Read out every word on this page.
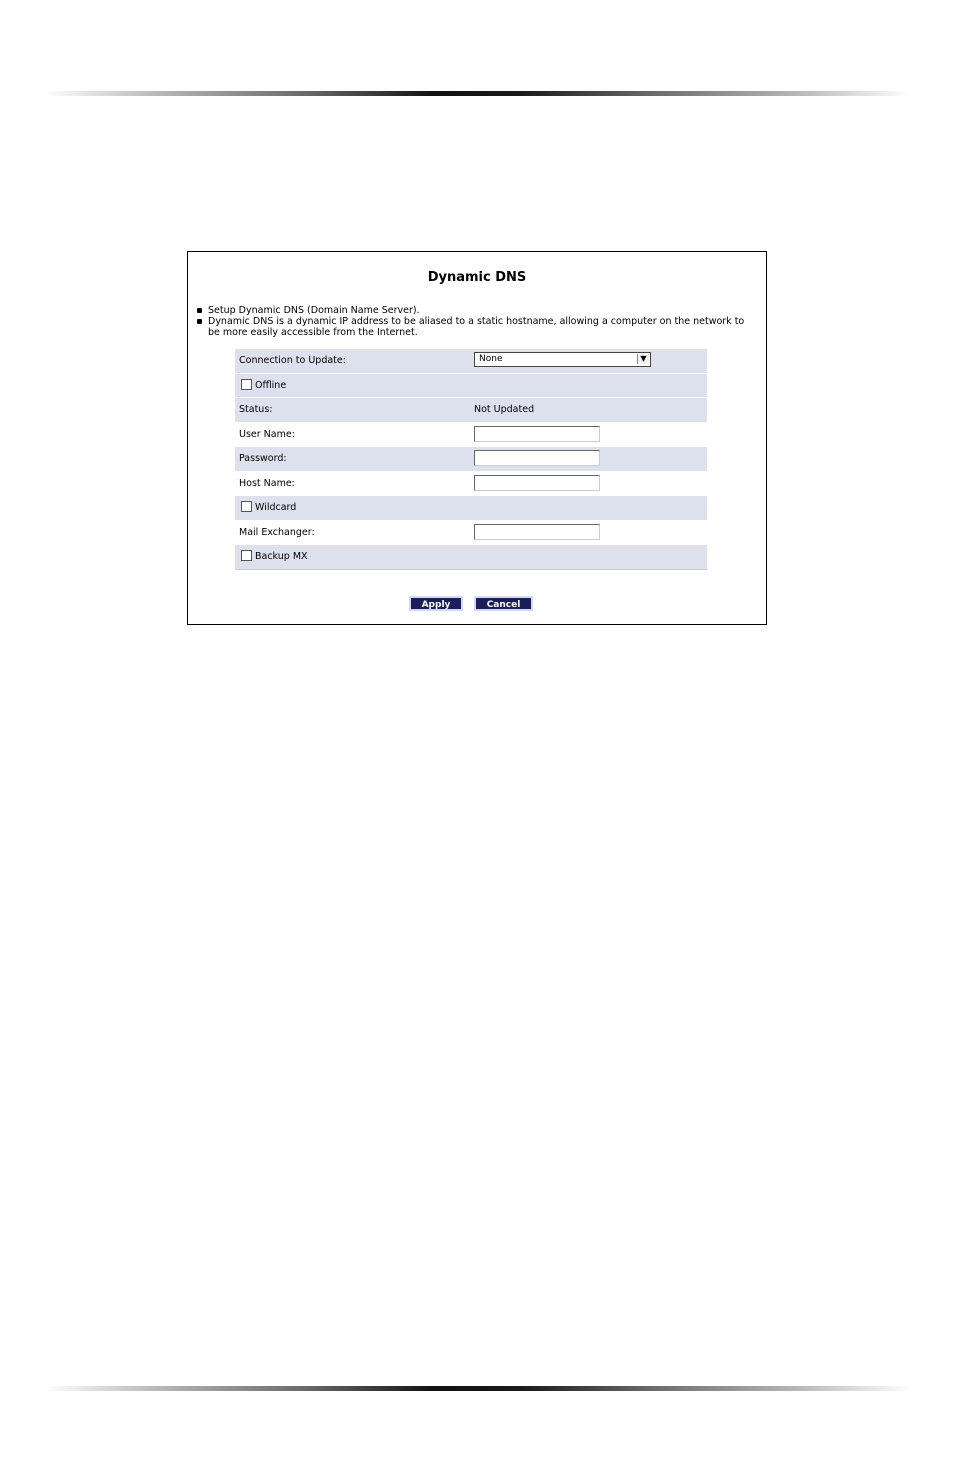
Dynamic DNS
Setup Dynamic DNS (Domain Name Server).
Dynamic DNS is a dynamic IP address to be aliased to a static hostname, allowing a computer on the network to be more easily accessible from the Internet.
Connection to Update:	None	▼
Offline
Status:	Not Updated
User Name:
Password:
Host Name:
Wildcard
Mail Exchanger:
Backup MX
Apply	Cancel
